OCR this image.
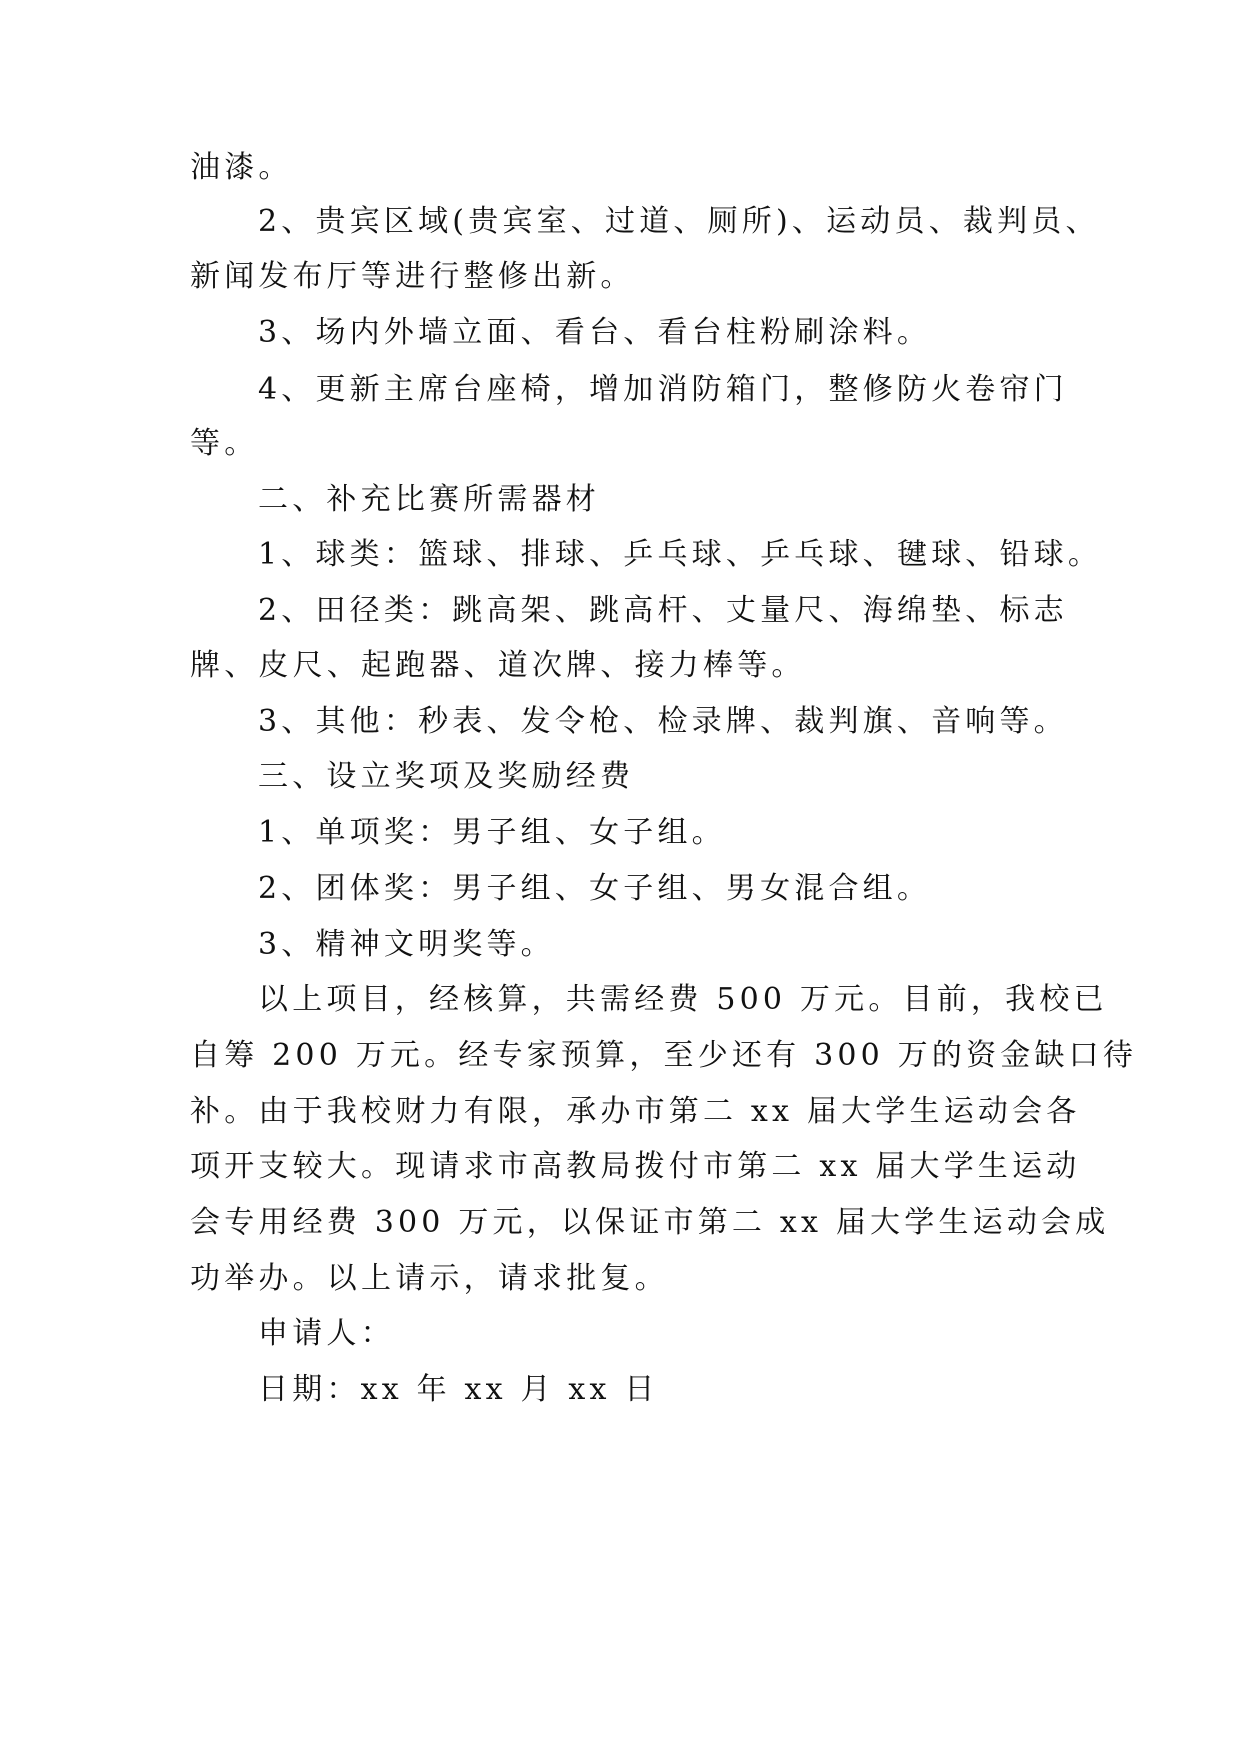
油漆。
2、贵宾区域(贵宾室、过道、厕所)、运动员、裁判员、
新闻发布厅等进行整修出新。
3、场内外墙立面、看台、看台柱粉刷涂料。
4、更新主席台座椅，增加消防箱门，整修防火卷帘门
等。
二、补充比赛所需器材
1、球类：篮球、排球、乒乓球、乒乓球、毽球、铅球。
2、田径类：跳高架、跳高杆、丈量尺、海绵垫、标志
牌、皮尺、起跑器、道次牌、接力棒等。
3、其他：秒表、发令枪、检录牌、裁判旗、音响等。
三、设立奖项及奖励经费
1、单项奖：男子组、女子组。
2、团体奖：男子组、女子组、男女混合组。
3、精神文明奖等。
以上项目，经核算，共需经费 500 万元。目前，我校已
自筹 200 万元。经专家预算，至少还有 300 万的资金缺口待
补。由于我校财力有限，承办市第二 xx 届大学生运动会各
项开支较大。现请求市高教局拨付市第二 xx 届大学生运动
会专用经费 300 万元，以保证市第二 xx 届大学生运动会成
功举办。以上请示，请求批复。
申请人：
日期：xx 年 xx 月 xx 日
